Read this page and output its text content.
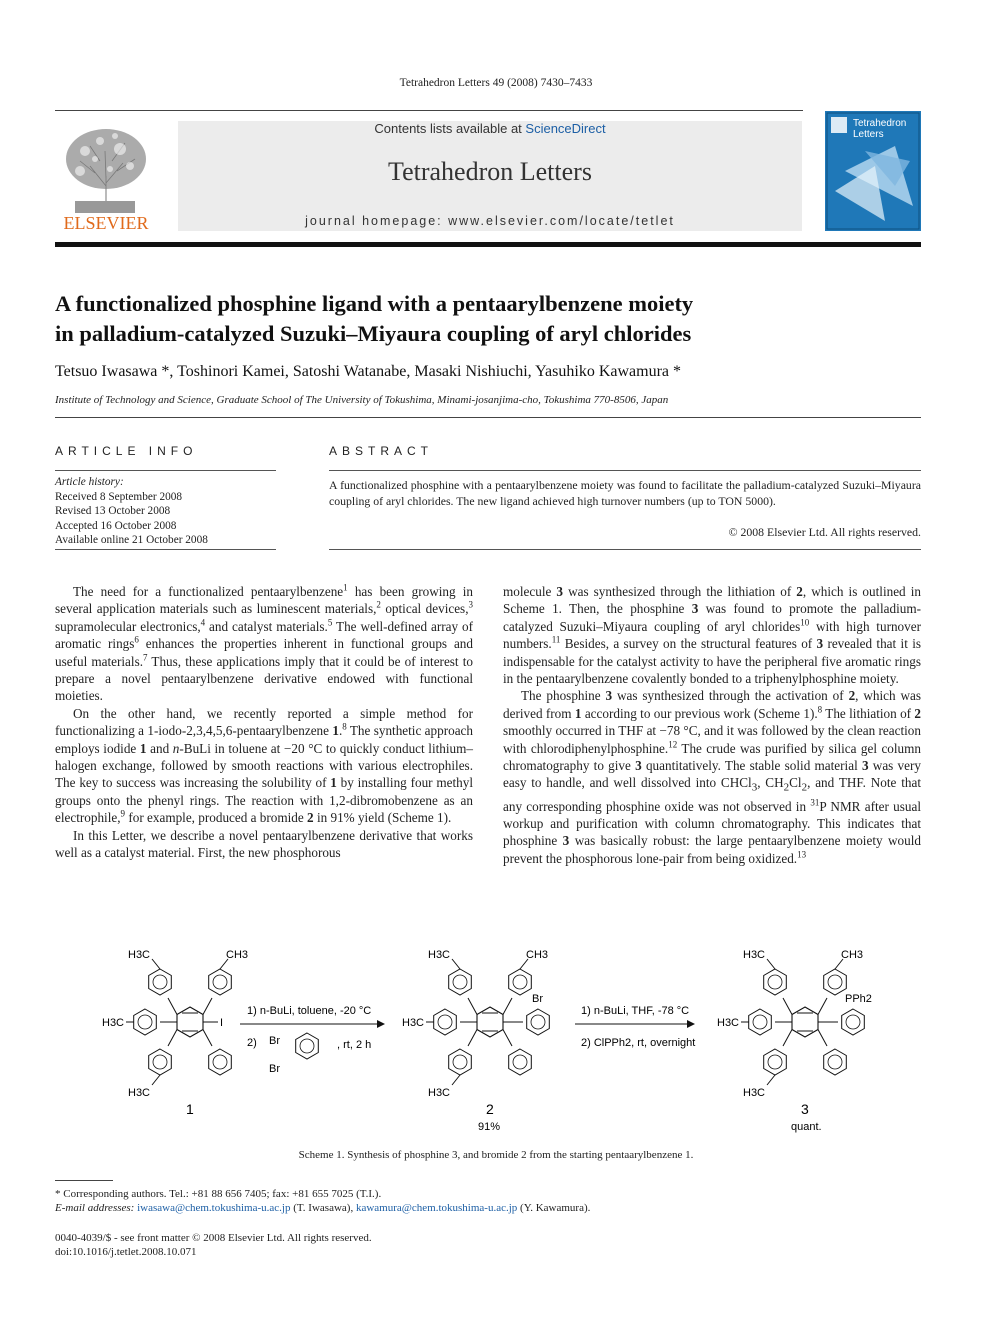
Tetrahedron Letters 49 (2008) 7430–7433
ELSEVIER
Contents lists available at ScienceDirect
Tetrahedron Letters
journal homepage: www.elsevier.com/locate/tetlet
Tetrahedron
Letters
A functionalized phosphine ligand with a pentaarylbenzene moiety
in palladium-catalyzed Suzuki–Miyaura coupling of aryl chlorides
Tetsuo Iwasawa *, Toshinori Kamei, Satoshi Watanabe, Masaki Nishiuchi, Yasuhiko Kawamura *
Institute of Technology and Science, Graduate School of The University of Tokushima, Minami-josanjima-cho, Tokushima 770-8506, Japan
ARTICLE INFO	ABSTRACT
Article history:
Received 8 September 2008
Revised 13 October 2008
Accepted 16 October 2008
Available online 21 October 2008
A functionalized phosphine with a pentaarylbenzene moiety was found to facilitate the palladium-catalyzed Suzuki–Miyaura coupling of aryl chlorides. The new ligand achieved high turnover numbers (up to TON 5000).
© 2008 Elsevier Ltd. All rights reserved.

The need for a functionalized pentaarylbenzene$^1$ has been growing in several application materials such as luminescent materials,$^2$ optical devices,$^3$ supramolecular electronics,$^4$ and catalyst materials.$^5$ The well-defined array of aromatic rings$^6$ enhances the properties inherent in functional groups and useful materials.$^7$ Thus, these applications imply that it could be of interest to prepare a novel pentaarylbenzene derivative endowed with functional moieties.

On the other hand, we recently reported a simple method for functionalizing a 1-iodo-2,3,4,5,6-pentaarylbenzene 1.$^8$ The synthetic approach employs iodide 1 and n-BuLi in toluene at −20 °C to quickly conduct lithium–halogen exchange, followed by smooth reactions with various electrophiles. The key to success was increasing the solubility of 1 by installing four methyl groups onto the phenyl rings. The reaction with 1,2-dibromobenzene as an electrophile,$^9$ for example, produced a bromide 2 in 91% yield (Scheme 1).

In this Letter, we describe a novel pentaarylbenzene derivative that works well as a catalyst material. First, the new phosphorous

molecule 3 was synthesized through the lithiation of 2, which is outlined in Scheme 1. Then, the phosphine 3 was found to promote the palladium-catalyzed Suzuki–Miyaura coupling of aryl chlorides$^{10}$ with high turnover numbers.$^{11}$ Besides, a survey on the structural features of 3 revealed that it is indispensable for the catalyst activity to have the peripheral five aromatic rings in the pentaarylbenzene covalently bonded to a triphenylphosphine moiety.

The phosphine 3 was synthesized through the activation of 2, which was derived from 1 according to our previous work (Scheme 1).$^8$ The lithiation of 2 smoothly occurred in THF at −78 °C, and it was followed by the clean reaction with chlorodiphenylphosphine.$^{12}$ The crude was purified by silica gel column chromatography to give 3 quantitatively. The stable solid material 3 was very easy to handle, and well dissolved into CHCl$_3$, $CH_2Cl_2$, and THF. Note that any corresponding phosphine oxide was not observed in $^{31}$P NMR after usual workup and purification with column chromatography. This indicates that phosphine 3 was basically robust: the large pentaarylbenzene moiety would prevent the phosphorous lone-pair from being oxidized.$^{13}$

H3C	CH3
H3C
H3C
I
1
1) n-BuLi, toluene, -20 °C
2) Br
Br
, rt, 2 h
H3C	CH3
H3C
H3C
Br
2
91%
1) n-BuLi, THF, -78 °C
2) ClPPh2, rt, overnight
H3C	CH3
H3C
H3C
PPh2
3
quant.
Scheme 1. Synthesis of phosphine 3, and bromide 2 from the starting pentaarylbenzene 1.
* Corresponding authors. Tel.: +81 88 656 7405; fax: +81 655 7025 (T.I.).
E-mail addresses: iwasawa@chem.tokushima-u.ac.jp (T. Iwasawa), kawamura@chem.tokushima-u.ac.jp (Y. Kawamura).
0040-4039/$ - see front matter © 2008 Elsevier Ltd. All rights reserved.
doi:10.1016/j.tetlet.2008.10.071
